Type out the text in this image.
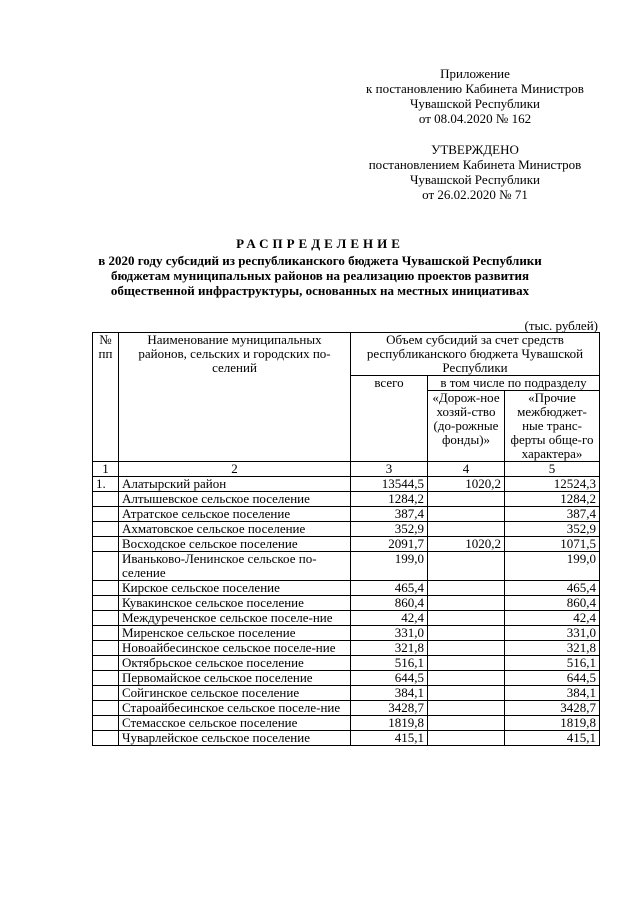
Приложение
к постановлению Кабинета Министров
Чувашской Республики
от 08.04.2020 № 162
УТВЕРЖДЕНО
постановлением Кабинета Министров
Чувашской Республики
от 26.02.2020 № 71
РАСПРЕДЕЛЕНИЕ
в 2020 году субсидий из республиканского бюджета Чувашской Республики
бюджетам муниципальных районов на реализацию проектов развития
общественной инфраструктуры, основанных на местных инициативах
(тыс. рублей)
№ пп	Наименование муниципальных районов, сельских и городских по-селений	Объем субсидий за счет средств республиканского бюджета Чувашской Республики		
		всего	в том числе по подразделу	
			«Дорож-ное хозяй-ство (до-рожные фонды)»	«Прочие межбюджет-ные транс-ферты обще-го характера»
1	2	3	4	5
1.	Алатырский район	13544,5	1020,2	12524,3
	Алтышевское сельское поселение	1284,2		1284,2
	Атратское сельское поселение	387,4		387,4
	Ахматовское сельское поселение	352,9		352,9
	Восходское сельское поселение	2091,7	1020,2	1071,5
	Иваньково-Ленинское сельское по-селение	199,0		199,0
	Кирское сельское поселение	465,4		465,4
	Кувакинское сельское поселение	860,4		860,4
	Междуреченское сельское поселе-ние	42,4		42,4
	Миренское сельское поселение	331,0		331,0
	Новоайбесинское сельское поселе-ние	321,8		321,8
	Октябрьское сельское поселение	516,1		516,1
	Первомайское сельское поселение	644,5		644,5
	Сойгинское сельское поселение	384,1		384,1
	Староайбесинское сельское поселе-ние	3428,7		3428,7
	Стемасское сельское поселение	1819,8		1819,8
	Чуварлейское сельское поселение	415,1		415,1
